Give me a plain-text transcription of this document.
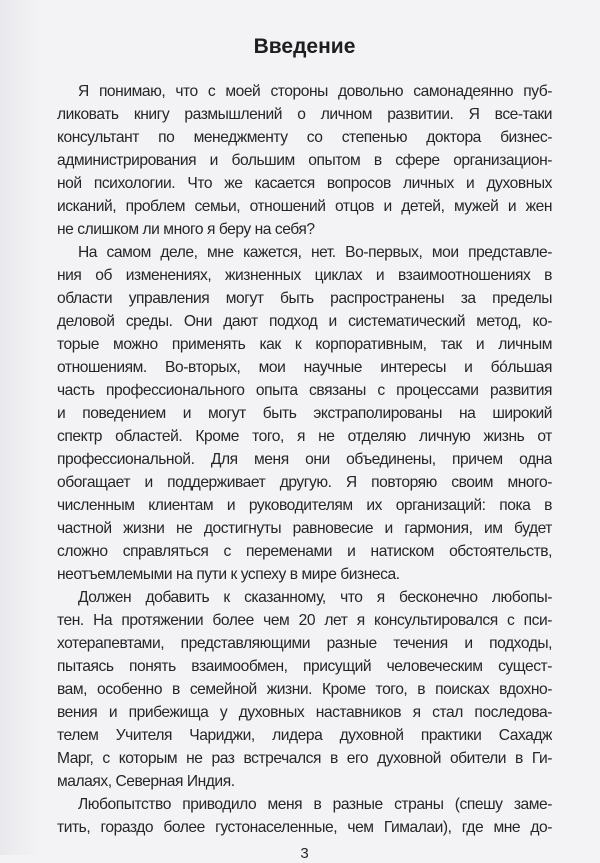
Введение
Я понимаю, что с моей стороны довольно самонадеянно пуб-
ликовать книгу размышлений о личном развитии. Я все-таки
консультант по менеджменту со степенью доктора бизнес-
администрирования и большим опытом в сфере организацион-
ной психологии. Что же касается вопросов личных и духовных
исканий, проблем семьи, отношений отцов и детей, мужей и жен
не слишком ли много я беру на себя?
На самом деле, мне кажется, нет. Во-первых, мои представле-
ния об изменениях, жизненных циклах и взаимоотношениях в
области управления могут быть распространены за пределы
деловой среды. Они дают подход и систематический метод, ко-
торые можно применять как к корпоративным, так и личным
отношениям. Во-вторых, мои научные интересы и бóльшая
часть профессионального опыта связаны с процессами развития
и поведением и могут быть экстраполированы на широкий
спектр областей. Кроме того, я не отделяю личную жизнь от
профессиональной. Для меня они объединены, причем одна
обогащает и поддерживает другую. Я повторяю своим много-
численным клиентам и руководителям их организаций: пока в
частной жизни не достигнуты равновесие и гармония, им будет
сложно справляться с переменами и натиском обстоятельств,
неотъемлемыми на пути к успеху в мире бизнеса.
Должен добавить к сказанному, что я бесконечно любопы-
тен. На протяжении более чем 20 лет я консультировался с пси-
хотерапевтами, представляющими разные течения и подходы,
пытаясь понять взаимообмен, присущий человеческим сущест-
вам, особенно в семейной жизни. Кроме того, в поисках вдохно-
вения и прибежища у духовных наставников я стал последова-
телем Учителя Чариджи, лидера духовной практики Сахадж
Марг, с которым не раз встречался в его духовной обители в Ги-
малаях, Северная Индия.
Любопытство приводило меня в разные страны (спешу заме-
тить, гораздо более густонаселенные, чем Гималаи), где мне до-
3
